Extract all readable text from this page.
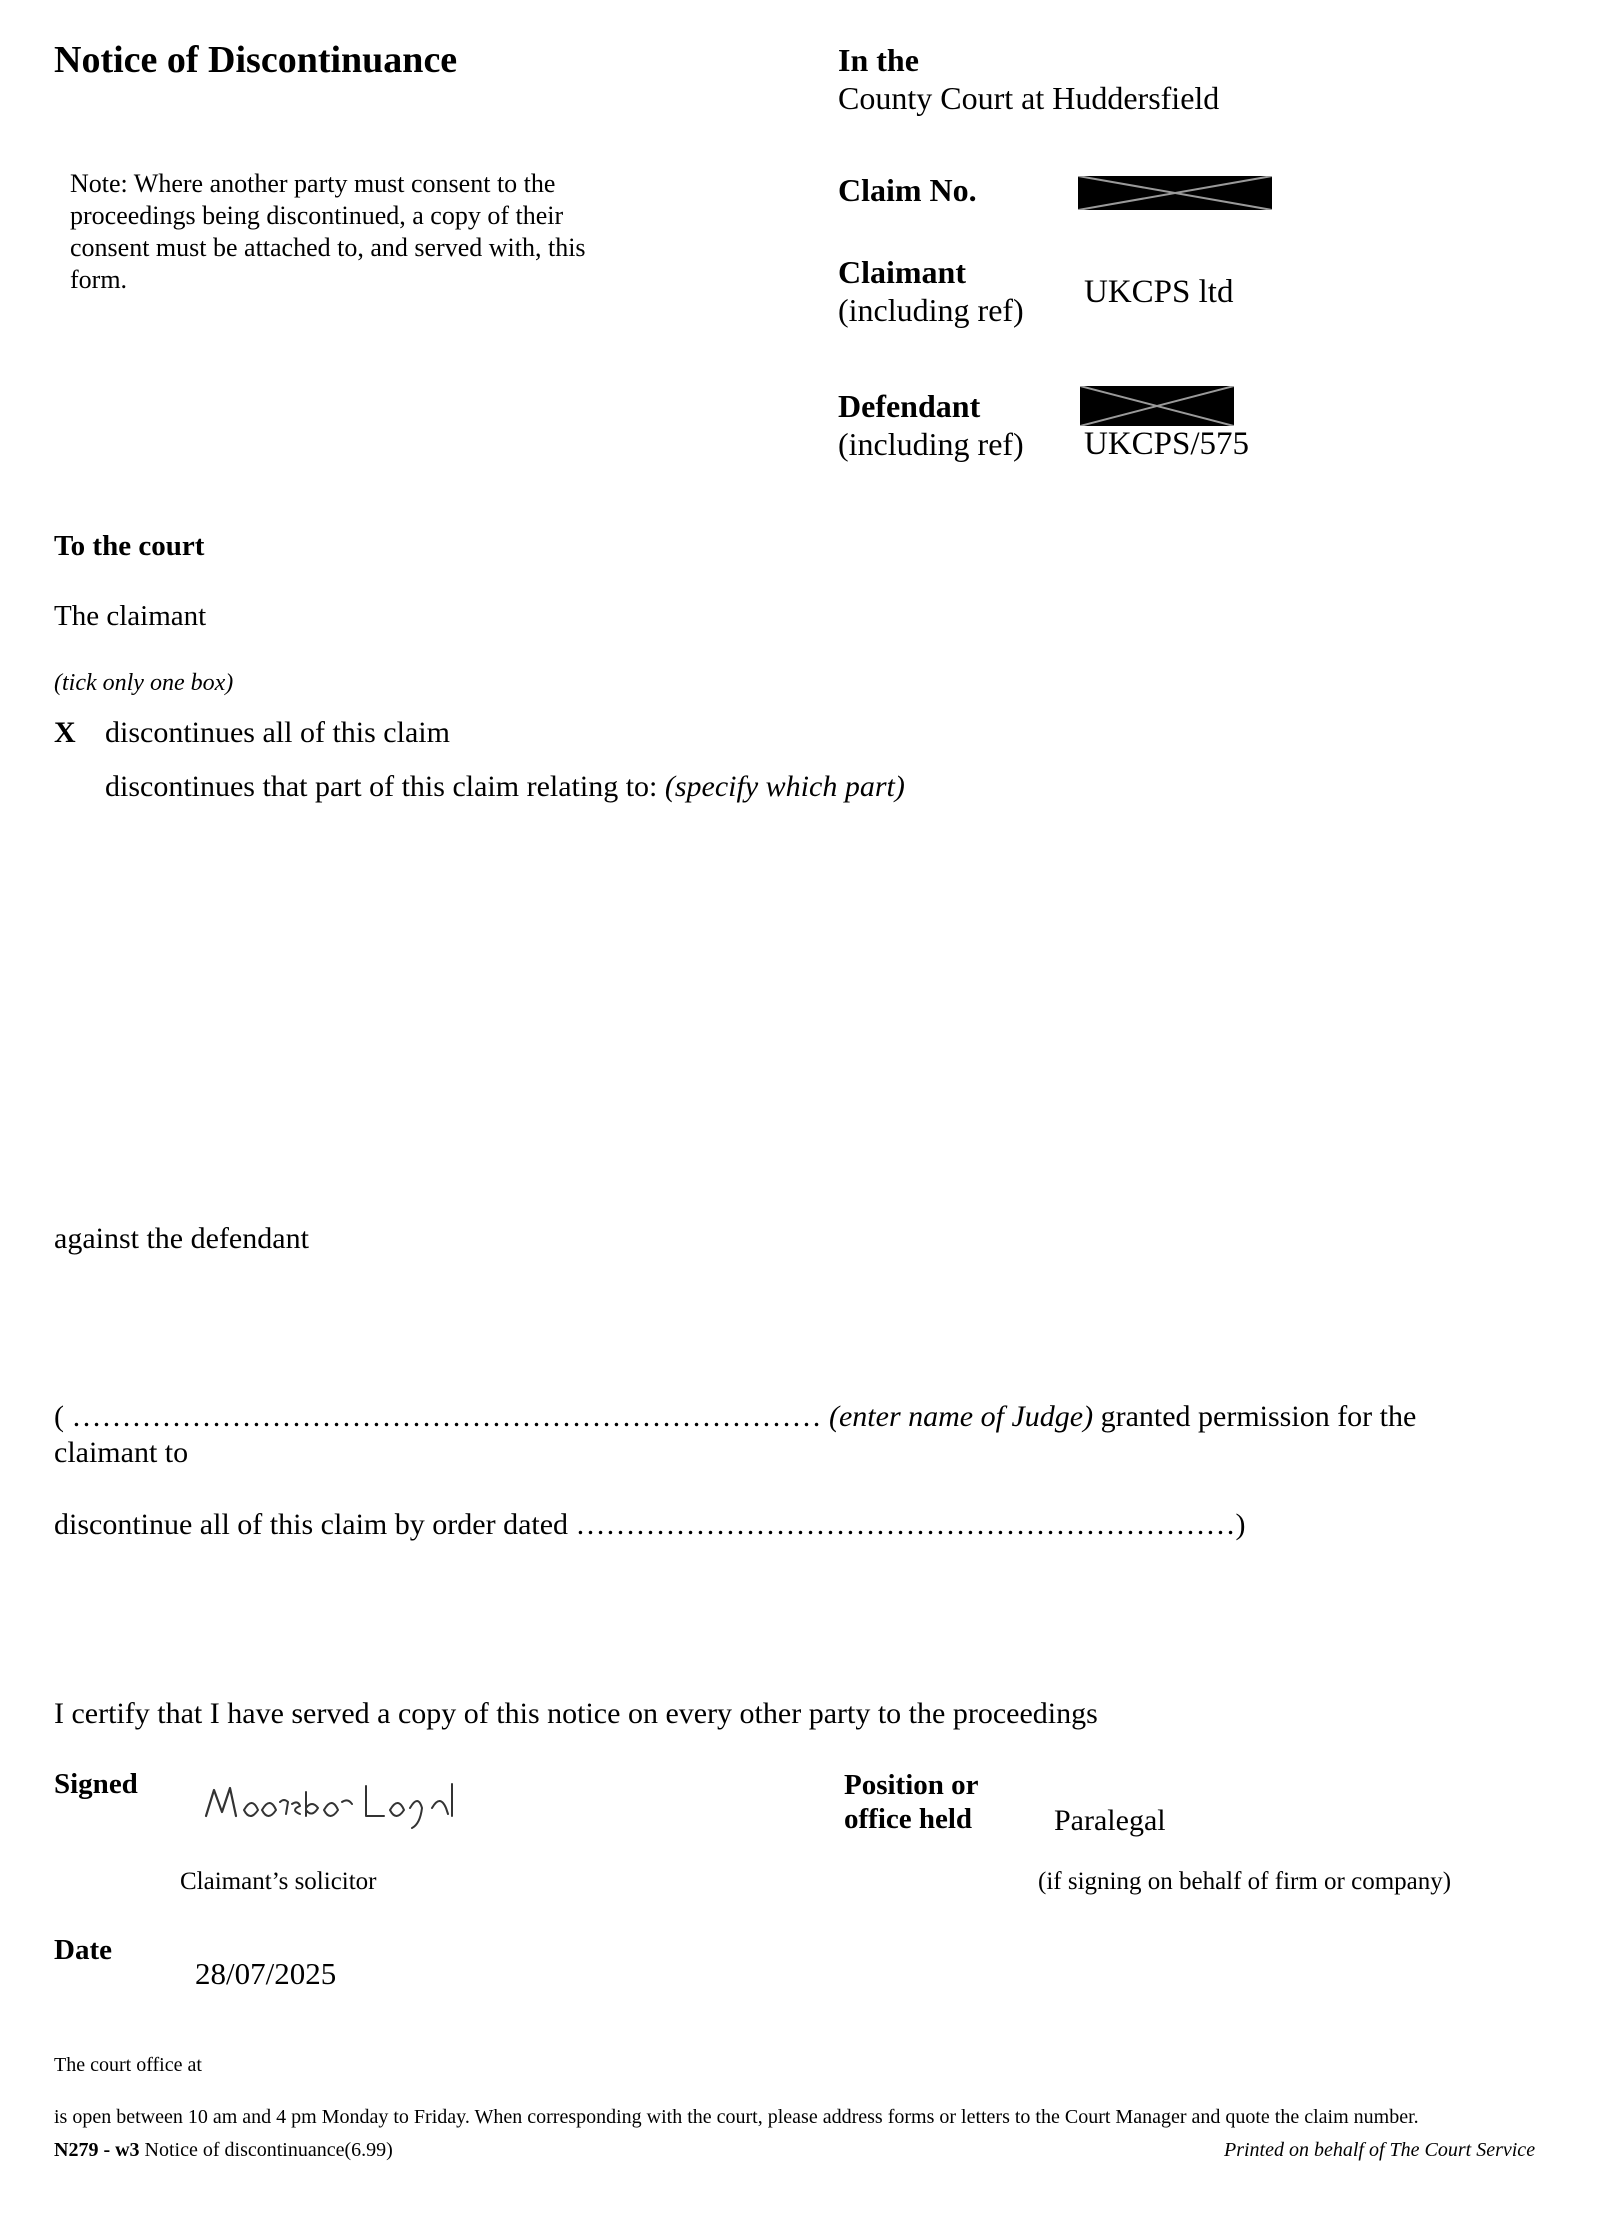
Notice of Discontinuance
Note: Where another party must consent to the proceedings being discontinued, a copy of their consent must be attached to, and served with, this form.
In the
County Court at Huddersfield
Claim No.
Claimant
(including ref) UKCPS ltd
Defendant
(including ref) UKCPS/575
To the court
The claimant
(tick only one box)
X discontinues all of this claim
discontinues that part of this claim relating to: (specify which part)
against the defendant
( ………………………………………………………………… (enter name of Judge) granted permission for the
claimant to
discontinue all of this claim by order dated …………………………………………………………)
I certify that I have served a copy of this notice on every other party to the proceedings
Signed
Claimant’s solicitor
Position or office held	Paralegal
(if signing on behalf of firm or company)
Date
28/07/2025
The court office at
is open between 10 am and 4 pm Monday to Friday. When corresponding with the court, please address forms or letters to the Court Manager and quote the claim number.
N279 - w3 Notice of discontinuance(6.99)	Printed on behalf of The Court Service
